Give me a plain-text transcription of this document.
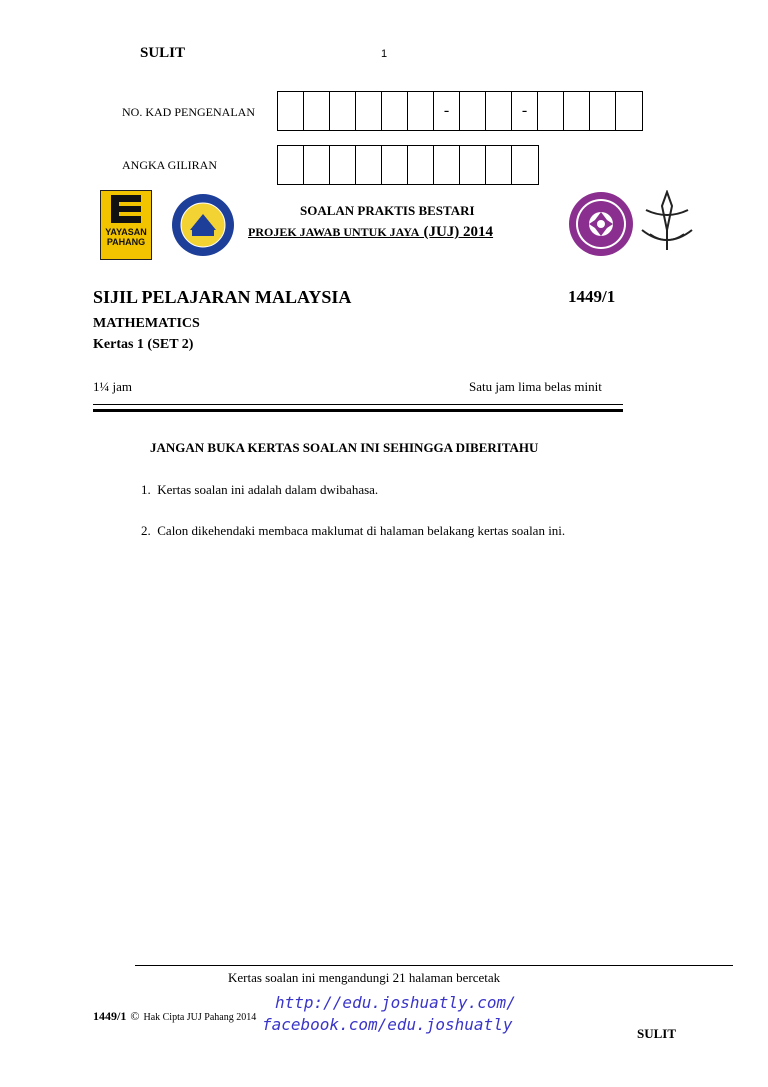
SULIT	1
NO. KAD PENGENALAN	-	-
ANGKA GILIRAN
YAYASAN
PAHANG
SOALAN PRAKTIS BESTARI
PROJEK JAWAB UNTUK JAYA (JUJ) 2014
SIJIL PELAJARAN MALAYSIA	1449/1
MATHEMATICS
Kertas 1 (SET 2)
1¼ jam	Satu jam lima belas minit
JANGAN BUKA KERTAS SOALAN INI SEHINGGA DIBERITAHU
1.  Kertas soalan ini adalah dalam dwibahasa.
2.  Calon dikehendaki membaca maklumat di halaman belakang kertas soalan ini.
Kertas soalan ini mengandungi 21 halaman bercetak
http://edu.joshuatly.com/
facebook.com/edu.joshuatly
1449/1 © Hak Cipta JUJ Pahang 2014
SULIT
